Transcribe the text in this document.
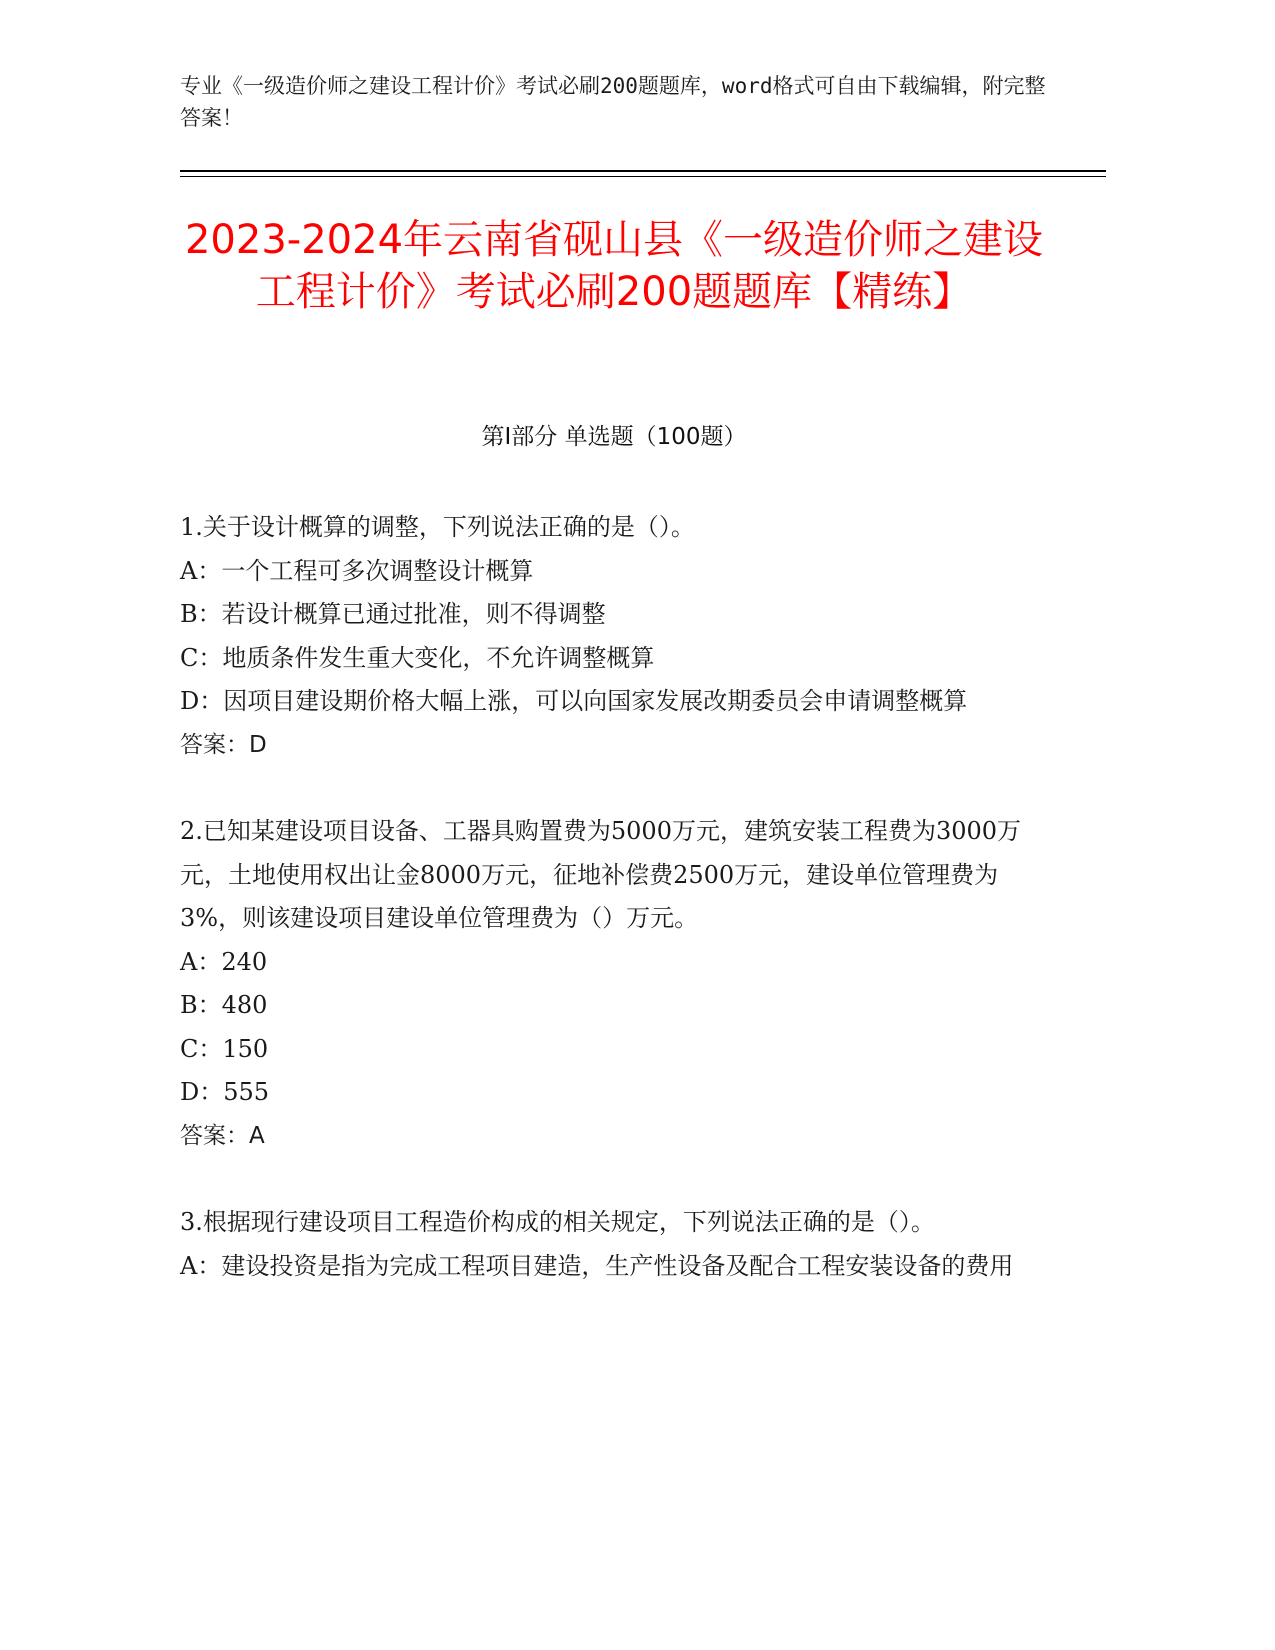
专业《一级造价师之建设工程计价》考试必刷200题题库，word格式可自由下载编辑，附完整答案！
2023-2024年云南省砚山县《一级造价师之建设工程计价》考试必刷200题题库【精练】
第I部分 单选题（100题）

1.关于设计概算的调整，下列说法正确的是（）。

A：一个工程可多次调整设计概算

B：若设计概算已通过批准，则不得调整

C：地质条件发生重大变化，不允许调整概算

D：因项目建设期价格大幅上涨，可以向国家发展改期委员会申请调整概算

答案：D

2.已知某建设项目设备、工器具购置费为5000万元，建筑安装工程费为3000万元，土地使用权出让金8000万元，征地补偿费2500万元，建设单位管理费为3%，则该建设项目建设单位管理费为（）万元。

A：240

B：480

C：150

D：555

答案：A

3.根据现行建设项目工程造价构成的相关规定，下列说法正确的是（）。

A：建设投资是指为完成工程项目建造，生产性设备及配合工程安装设备的费用
